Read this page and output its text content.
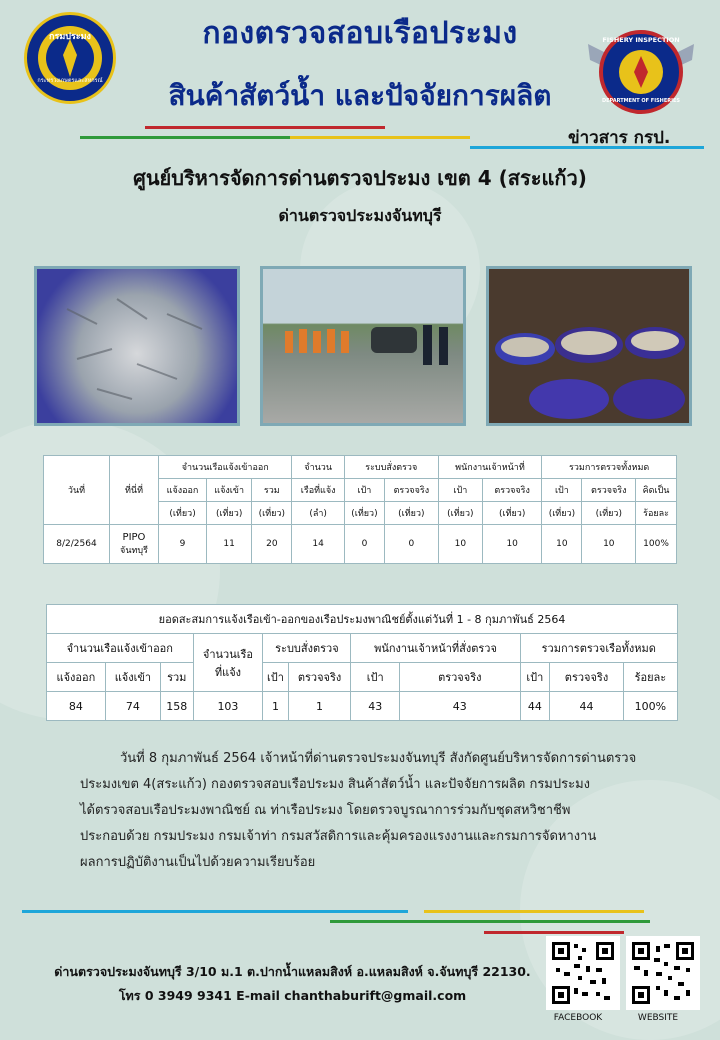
กรมประมง
กระทรวงเกษตรและสหกรณ์
กองตรวจสอบเรือประมง
สินค้าสัตว์น้ำ และปัจจัยการผลิต
FISHERY INSPECTION
DEPARTMENT OF FISHERIES
ข่าวสาร กรป.
ศูนย์บริหารจัดการด่านตรวจประมง เขต 4 (สระแก้ว)
ด่านตรวจประมงจันทบุรี
วันที่	ที่นี่ที่	จำนวนเรือแจ้งเข้าออก			จำนวน	ระบบสั่งตรวจ		พนักงานเจ้าหน้าที่		รวมการตรวจทั้งหมด		
		แจ้งออก	แจ้งเข้า	รวม	เรือที่แจ้ง	เป้า	ตรวจจริง	เป้า	ตรวจจริง	เป้า	ตรวจจริง	คิดเป็น
		(เที่ยว)	(เที่ยว)	(เที่ยว)	(ลำ)	(เที่ยว)	(เที่ยว)	(เที่ยว)	(เที่ยว)	(เที่ยว)	(เที่ยว)	ร้อยละ
8/2/2564	PIPO
จันทบุรี	9	11	20	14	0	0	10	10	10	10	100%
ยอดสะสมการแจ้งเรือเข้า-ออกของเรือประมงพาณิชย์ตั้งแต่วันที่ 1 - 8 กุมภาพันธ์ 2564										
จำนวนเรือแจ้งเข้าออก			จำนวนเรือ
ที่แจ้ง	ระบบสั่งตรวจ		พนักงานเจ้าหน้าที่สั่งตรวจ		รวมการตรวจเรือทั้งหมด		
แจ้งออก	แจ้งเข้า	รวม		เป้า	ตรวจจริง	เป้า	ตรวจจริง	เป้า	ตรวจจริง	ร้อยละ
84	74	158	103	1	1	43	43	44	44	100%
วันที่ 8 กุมภาพันธ์ 2564 เจ้าหน้าที่ด่านตรวจประมงจันทบุรี สังกัดศูนย์บริหารจัดการด่านตรวจ
ประมงเขต 4(สระแก้ว) กองตรวจสอบเรือประมง สินค้าสัตว์น้ำ และปัจจัยการผลิต กรมประมง
ได้ตรวจสอบเรือประมงพาณิชย์ ณ ท่าเรือประมง โดยตรวจบูรณาการร่วมกับชุดสหวิชาชีพ
ประกอบด้วย กรมประมง กรมเจ้าท่า กรมสวัสดิการและคุ้มครองแรงงานและกรมการจัดหางาน
ผลการปฏิบัติงานเป็นไปด้วยความเรียบร้อย
ด่านตรวจประมงจันทบุรี 3/10 ม.1 ต.ปากน้ำแหลมสิงห์ อ.แหลมสิงห์ จ.จันทบุรี 22130.
โทร 0 3949 9341 E-mail chanthaburift@gmail.com
FACEBOOK	WEBSITE
